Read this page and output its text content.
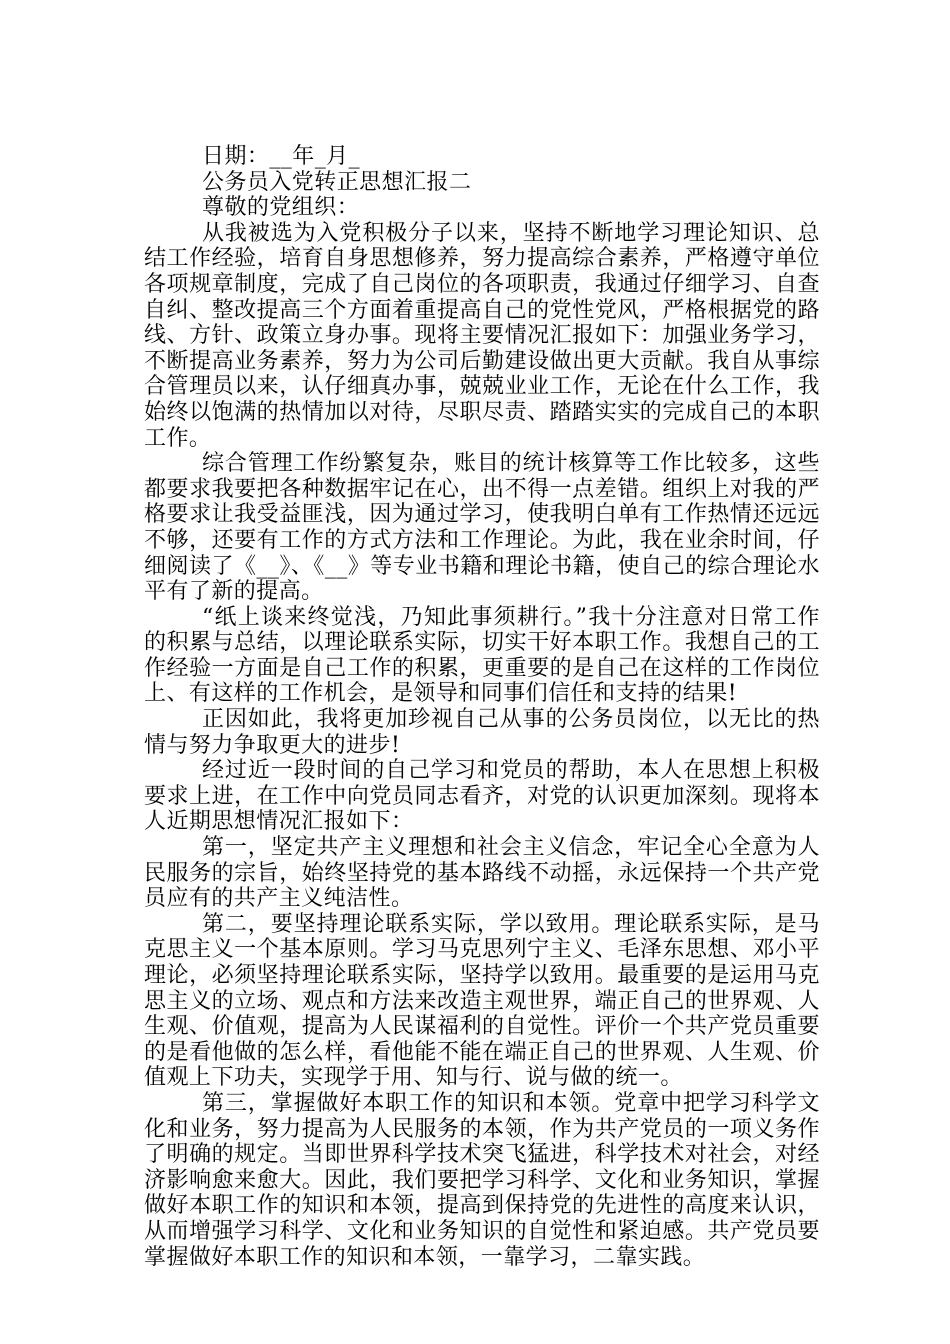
日期：__年_月_

公务员入党转正思想汇报二

尊敬的党组织：

从我被选为入党积极分子以来，坚持不断地学习理论知识、总结工作经验，培育自身思想修养，努力提高综合素养，严格遵守单位各项规章制度，完成了自己岗位的各项职责，我通过仔细学习、自查自纠、整改提高三个方面着重提高自己的党性党风，严格根据党的路线、方针、政策立身办事。现将主要情况汇报如下：加强业务学习，不断提高业务素养，努力为公司后勤建设做出更大贡献。我自从事综合管理员以来，认仔细真办事，兢兢业业工作，无论在什么工作，我始终以饱满的热情加以对待，尽职尽责、踏踏实实的完成自己的本职工作。

综合管理工作纷繁复杂，账目的统计核算等工作比较多，这些都要求我要把各种数据牢记在心，出不得一点差错。组织上对我的严格要求让我受益匪浅，因为通过学习，使我明白单有工作热情还远远不够，还要有工作的方式方法和工作理论。为此，我在业余时间，仔细阅读了《__》、《__》等专业书籍和理论书籍，使自己的综合理论水平有了新的提高。

“纸上谈来终觉浅，乃知此事须耕行。”我十分注意对日常工作的积累与总结，以理论联系实际，切实干好本职工作。我想自己的工作经验一方面是自己工作的积累，更重要的是自己在这样的工作岗位上、有这样的工作机会，是领导和同事们信任和支持的结果!

正因如此，我将更加珍视自己从事的公务员岗位，以无比的热情与努力争取更大的进步!

经过近一段时间的自己学习和党员的帮助，本人在思想上积极要求上进，在工作中向党员同志看齐，对党的认识更加深刻。现将本人近期思想情况汇报如下：

第一，坚定共产主义理想和社会主义信念，牢记全心全意为人民服务的宗旨，始终坚持党的基本路线不动摇，永远保持一个共产党员应有的共产主义纯洁性。

第二，要坚持理论联系实际，学以致用。理论联系实际，是马克思主义一个基本原则。学习马克思列宁主义、毛泽东思想、邓小平理论，必须坚持理论联系实际，坚持学以致用。最重要的是运用马克思主义的立场、观点和方法来改造主观世界，端正自己的世界观、人生观、价值观，提高为人民谋福利的自觉性。评价一个共产党员重要的是看他做的怎么样，看他能不能在端正自己的世界观、人生观、价值观上下功夫，实现学于用、知与行、说与做的统一。

第三，掌握做好本职工作的知识和本领。党章中把学习科学文化和业务，努力提高为人民服务的本领，作为共产党员的一项义务作了明确的规定。当即世界科学技术突飞猛进，科学技术对社会，对经济影响愈来愈大。因此，我们要把学习科学、文化和业务知识，掌握做好本职工作的知识和本领，提高到保持党的先进性的高度来认识，从而增强学习科学、文化和业务知识的自觉性和紧迫感。共产党员要掌握做好本职工作的知识和本领，一靠学习，二靠实践。
